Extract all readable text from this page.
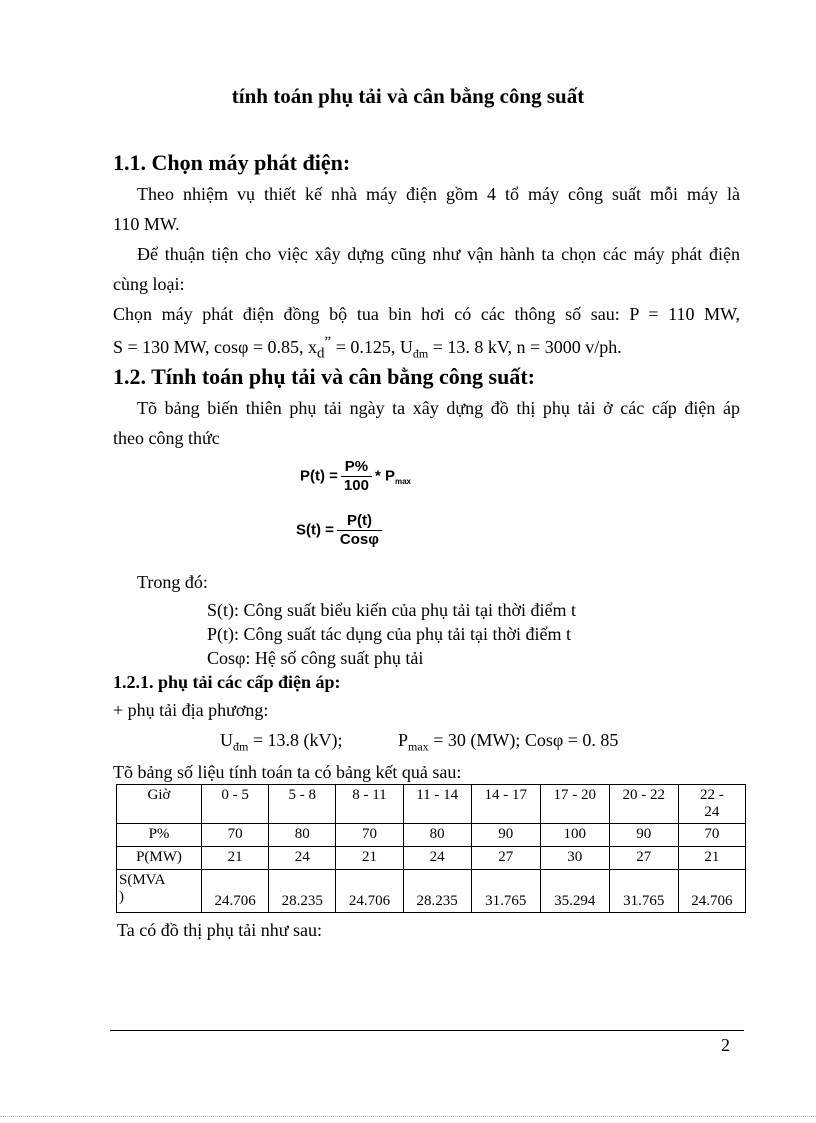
tính toán phụ tải và cân bằng công suất
1.1. Chọn máy phát điện:
Theo nhiệm vụ thiết kế nhà máy điện gồm 4 tổ máy công suất mỗi máy là
110 MW.
Để thuận tiện cho việc xây dựng cũng như vận hành ta chọn các máy phát điện
cùng loại:
Chọn máy phát điện đồng bộ tua bin hơi có các thông số sau: P = 110 MW,
S = 130 MW, cosφ = 0.85, $x_d^” = 0.125$, $U_{đm} = 13$. 8 kV, n = 3000 v/ph.
1.2. Tính toán phụ tải và cân bằng công suất:
Tõ bảng biến thiên phụ tải ngày ta xây dựng đồ thị phụ tải ở các cấp điện áp
theo công thức
$P(t) = \frac{P\%}{100} * P_{max}$
$S(t) = \frac{P(t)}{\text{Cosφ}}$
Trong đó:
S(t): Công suất biểu kiến của phụ tải tại thời điểm t
P(t): Công suất tác dụng của phụ tải tại thời điểm t
Cosφ: Hệ số công suất phụ tải
1.2.1. phụ tải các cấp điện áp:
+ phụ tải địa phương:
$U_{đm} = 13.8$ (kV);
Tõ bảng số liệu tính toán ta có bảng kết quả sau:
Giờ	0 - 5	5 - 8	8 - 11	11 - 14	14 - 17	17 - 20	20 - 22	22 -
24
P%	70	80	70	80	90	100	90	70
P(MW)	21	24	21	24	27	30	27	21
S(MVA
)	24.706	28.235	24.706	28.235	31.765	35.294	31.765	24.706
Ta có đồ thị phụ tải như sau:
2
$P_{max} = 30$ (MW); Cosφ = 0. 85
